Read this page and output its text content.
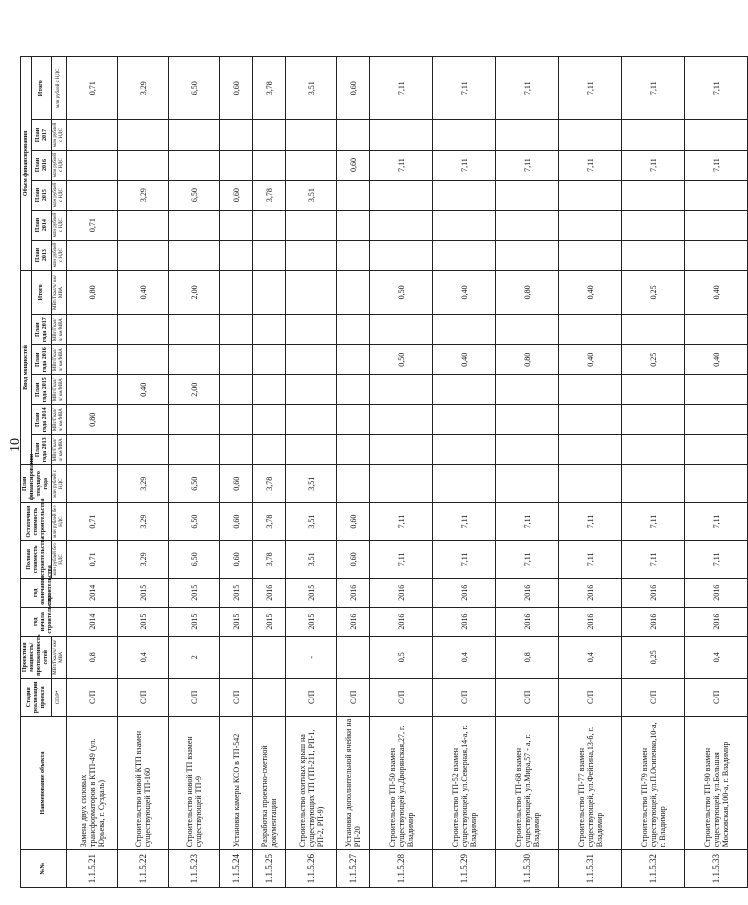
10
№№	Наименование объекта	Стадия реализации проекта	Проектная мощность/ протяженность сетей	год начала строительства	год окончания строительства	Полная стоимость строительства	Остаточная стоимость строительства	План финансирования текущего года	Ввод мощностей						Объем финансирования					
									План года 2013	План года 2014	План года 2015	План года 2016	План года 2017	Итого	План 2013	План 2014	План 2015	План 2016	План 2017	Итого
		СП/Р*	МВт/Гкал/ч/ км/МВА			млн рублей без НДС	млн рублей без НДС	млн рублей с НДС	МВт/Гкал/ч/ км/МВА	МВт/Гкал/ч/ км/МВА	МВт/Гкал/ч/ км/МВА	МВт/Гкал/ч/ км/МВА	МВт/Гкал/ч/ км/МВА	МВт/Гкал/ч/ км/МВА	млн рублей с НДС	млн рублей с НДС	млн рублей с НДС	млн рублей с НДС	млн рублей с НДС	млн рублей с НДС
1.1.5.21	Замена двух силовых трансформаторов в КТП-49 (ул. Юрьева, г. Суздаль)	С/П	0,8	2014	2014	0,71	0,71			0,80				0,80		0,71				0,71
1.1.5.22	Строительство новой КТП взамен существующей ТП-160	С/П	0,4	2015	2015	3,29	3,29	3,29			0,40			0,40			3,29			3,29
1.1.5.23	Строительство новой ТП взамен существующей ТП-9	С/П	2	2015	2015	6,50	6,50	6,50			2,00			2,00			6,50			6,50
1.1.5.24	Установка камеры КСО в ТП-542	С/П		2015	2015	0,60	0,60	0,60									0,60			0,60
1.1.5.25	Разработка проектно-сметной документации			2015	2016	3,78	3,78	3,78									3,78			3,78
1.1.5.26	Строительство охитных крыш на существующих ТП (ТП-211, РП-1, РП-2, РП-9)	С/П	-	2015	2015	3,51	3,51	3,51									3,51			3,51
1.1.5.27	Установка дополнительной ячейки на РП-20	С/П		2016	2016	0,60	0,60											0,60		0,60
1.1.5.28	Строительство ТП-50 взамен существующей ул.Дворянская,27, г. Владимир	С/П	0,5	2016	2016	7,11	7,11					0,50		0,50				7,11		7,11
1.1.5.29	Строительство ТП-52 взамен существующей, ул.Северная,14-а, г. Владимир	С/П	0,4	2016	2016	7,11	7,11					0,40		0,40				7,11		7,11
1.1.5.30	Строительство ТП-68 взамен существующей, ул.Мира,57 - а, г. Владимир	С/П	0,8	2016	2016	7,11	7,11					0,80		0,80				7,11		7,11
1.1.5.31	Строительство ТП-77 взамен существующей, ул.Фейгина,13-б, г. Владимир	С/П	0,4	2016	2016	7,11	7,11					0,40		0,40				7,11		7,11
1.1.5.32	Строительство ТП-79 взамен существующей, ул.П.Осипенко,10-а, г. Владимир	С/П	0,25	2016	2016	7,11	7,11					0,25		0,25				7,11		7,11
1.1.5.33	Строительство ТП-90 взамен существующей, ул.Большая Московская,100-а, г. Владимир	С/П	0,4	2016	2016	7,11	7,11					0,40		0,40				7,11		7,11
